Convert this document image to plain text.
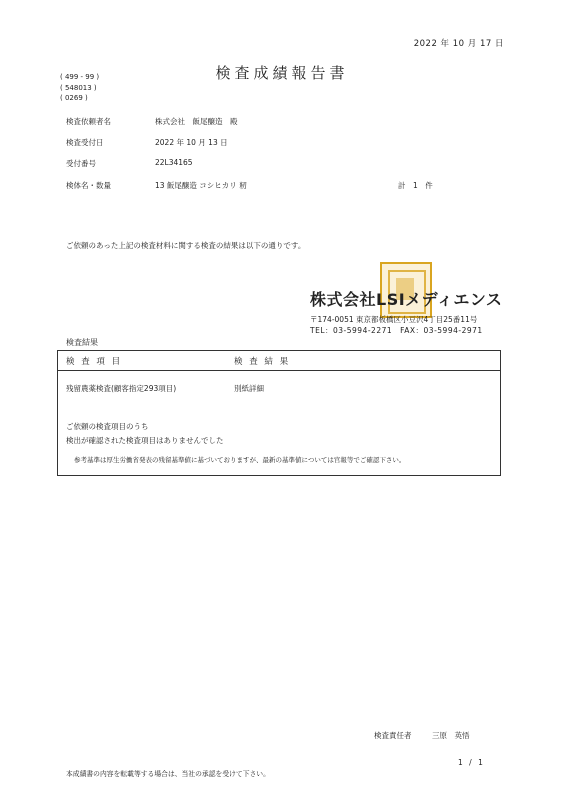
2022 年 10 月 17 日
検査成績報告書
( 499 - 99 )
( 548013 )
( 0269 )
検査依頼者名	株式会社　飯尾醸造　殿
検査受付日	2022 年 10 月 13 日
受付番号	22L34165
検体名・数量	13 飯尾醸造 コシヒカリ 籾	計　1　件
ご依頼のあった上記の検査材料に関する検査の結果は以下の通りです。
株式会社LSIメディエンス
〒174-0051 東京都板橋区小豆沢4丁目25番11号
TEL：03-5994-2271　FAX：03-5994-2971
検査結果
検 査 項 目	検 査 結 果
残留農薬検査(顧客指定293項目)	別紙詳細
ご依頼の検査項目のうち
検出が確認された検査項目はありませんでした
参考基準は厚生労働省発表の残留基準値に基づいておりますが、最新の基準値については官報等でご確認下さい。
検査責任者	三原　英悟
1 / 1
本成績書の内容を転載等する場合は、当社の承認を受けて下さい。
